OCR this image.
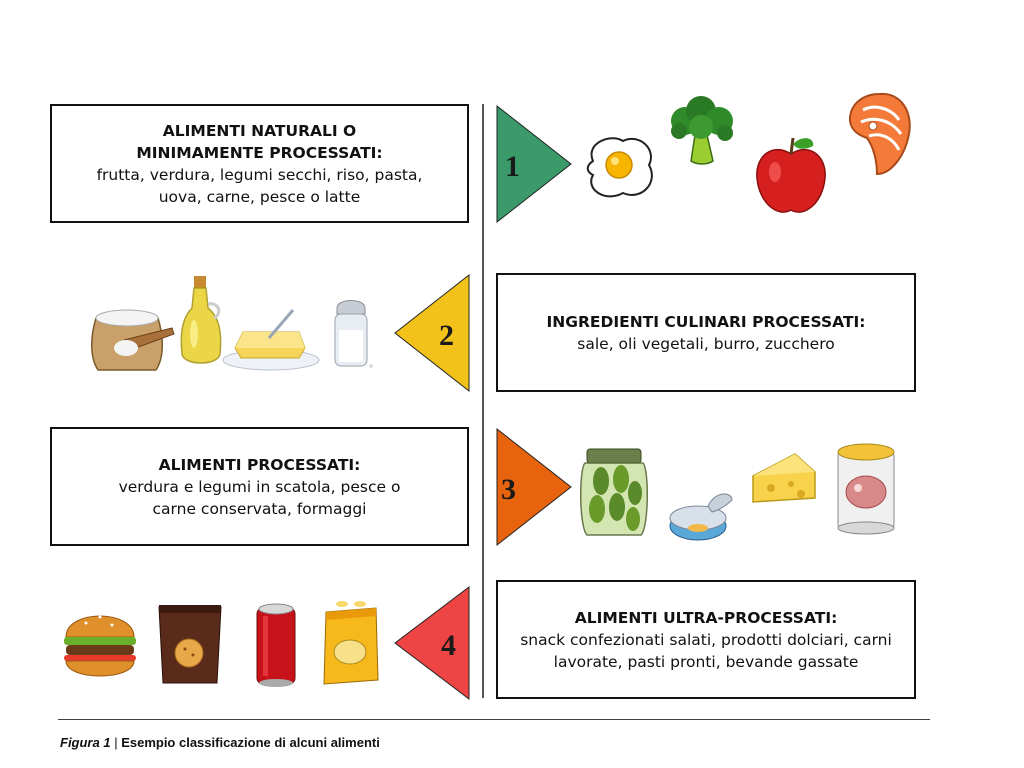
ALIMENTI NATURALI O MINIMAMENTE PROCESSATI:
frutta, verdura, legumi secchi, riso, pasta, uova, carne, pesce o latte
1
INGREDIENTI CULINARI PROCESSATI:
sale, oli vegetali, burro, zucchero
2
ALIMENTI PROCESSATI:
verdura e legumi in scatola, pesce o carne conservata, formaggi
3
ALIMENTI ULTRA-PROCESSATI:
snack confezionati salati, prodotti dolciari, carni lavorate, pasti pronti, bevande gassate
4
Figura 1 | Esempio classificazione di alcuni alimenti
